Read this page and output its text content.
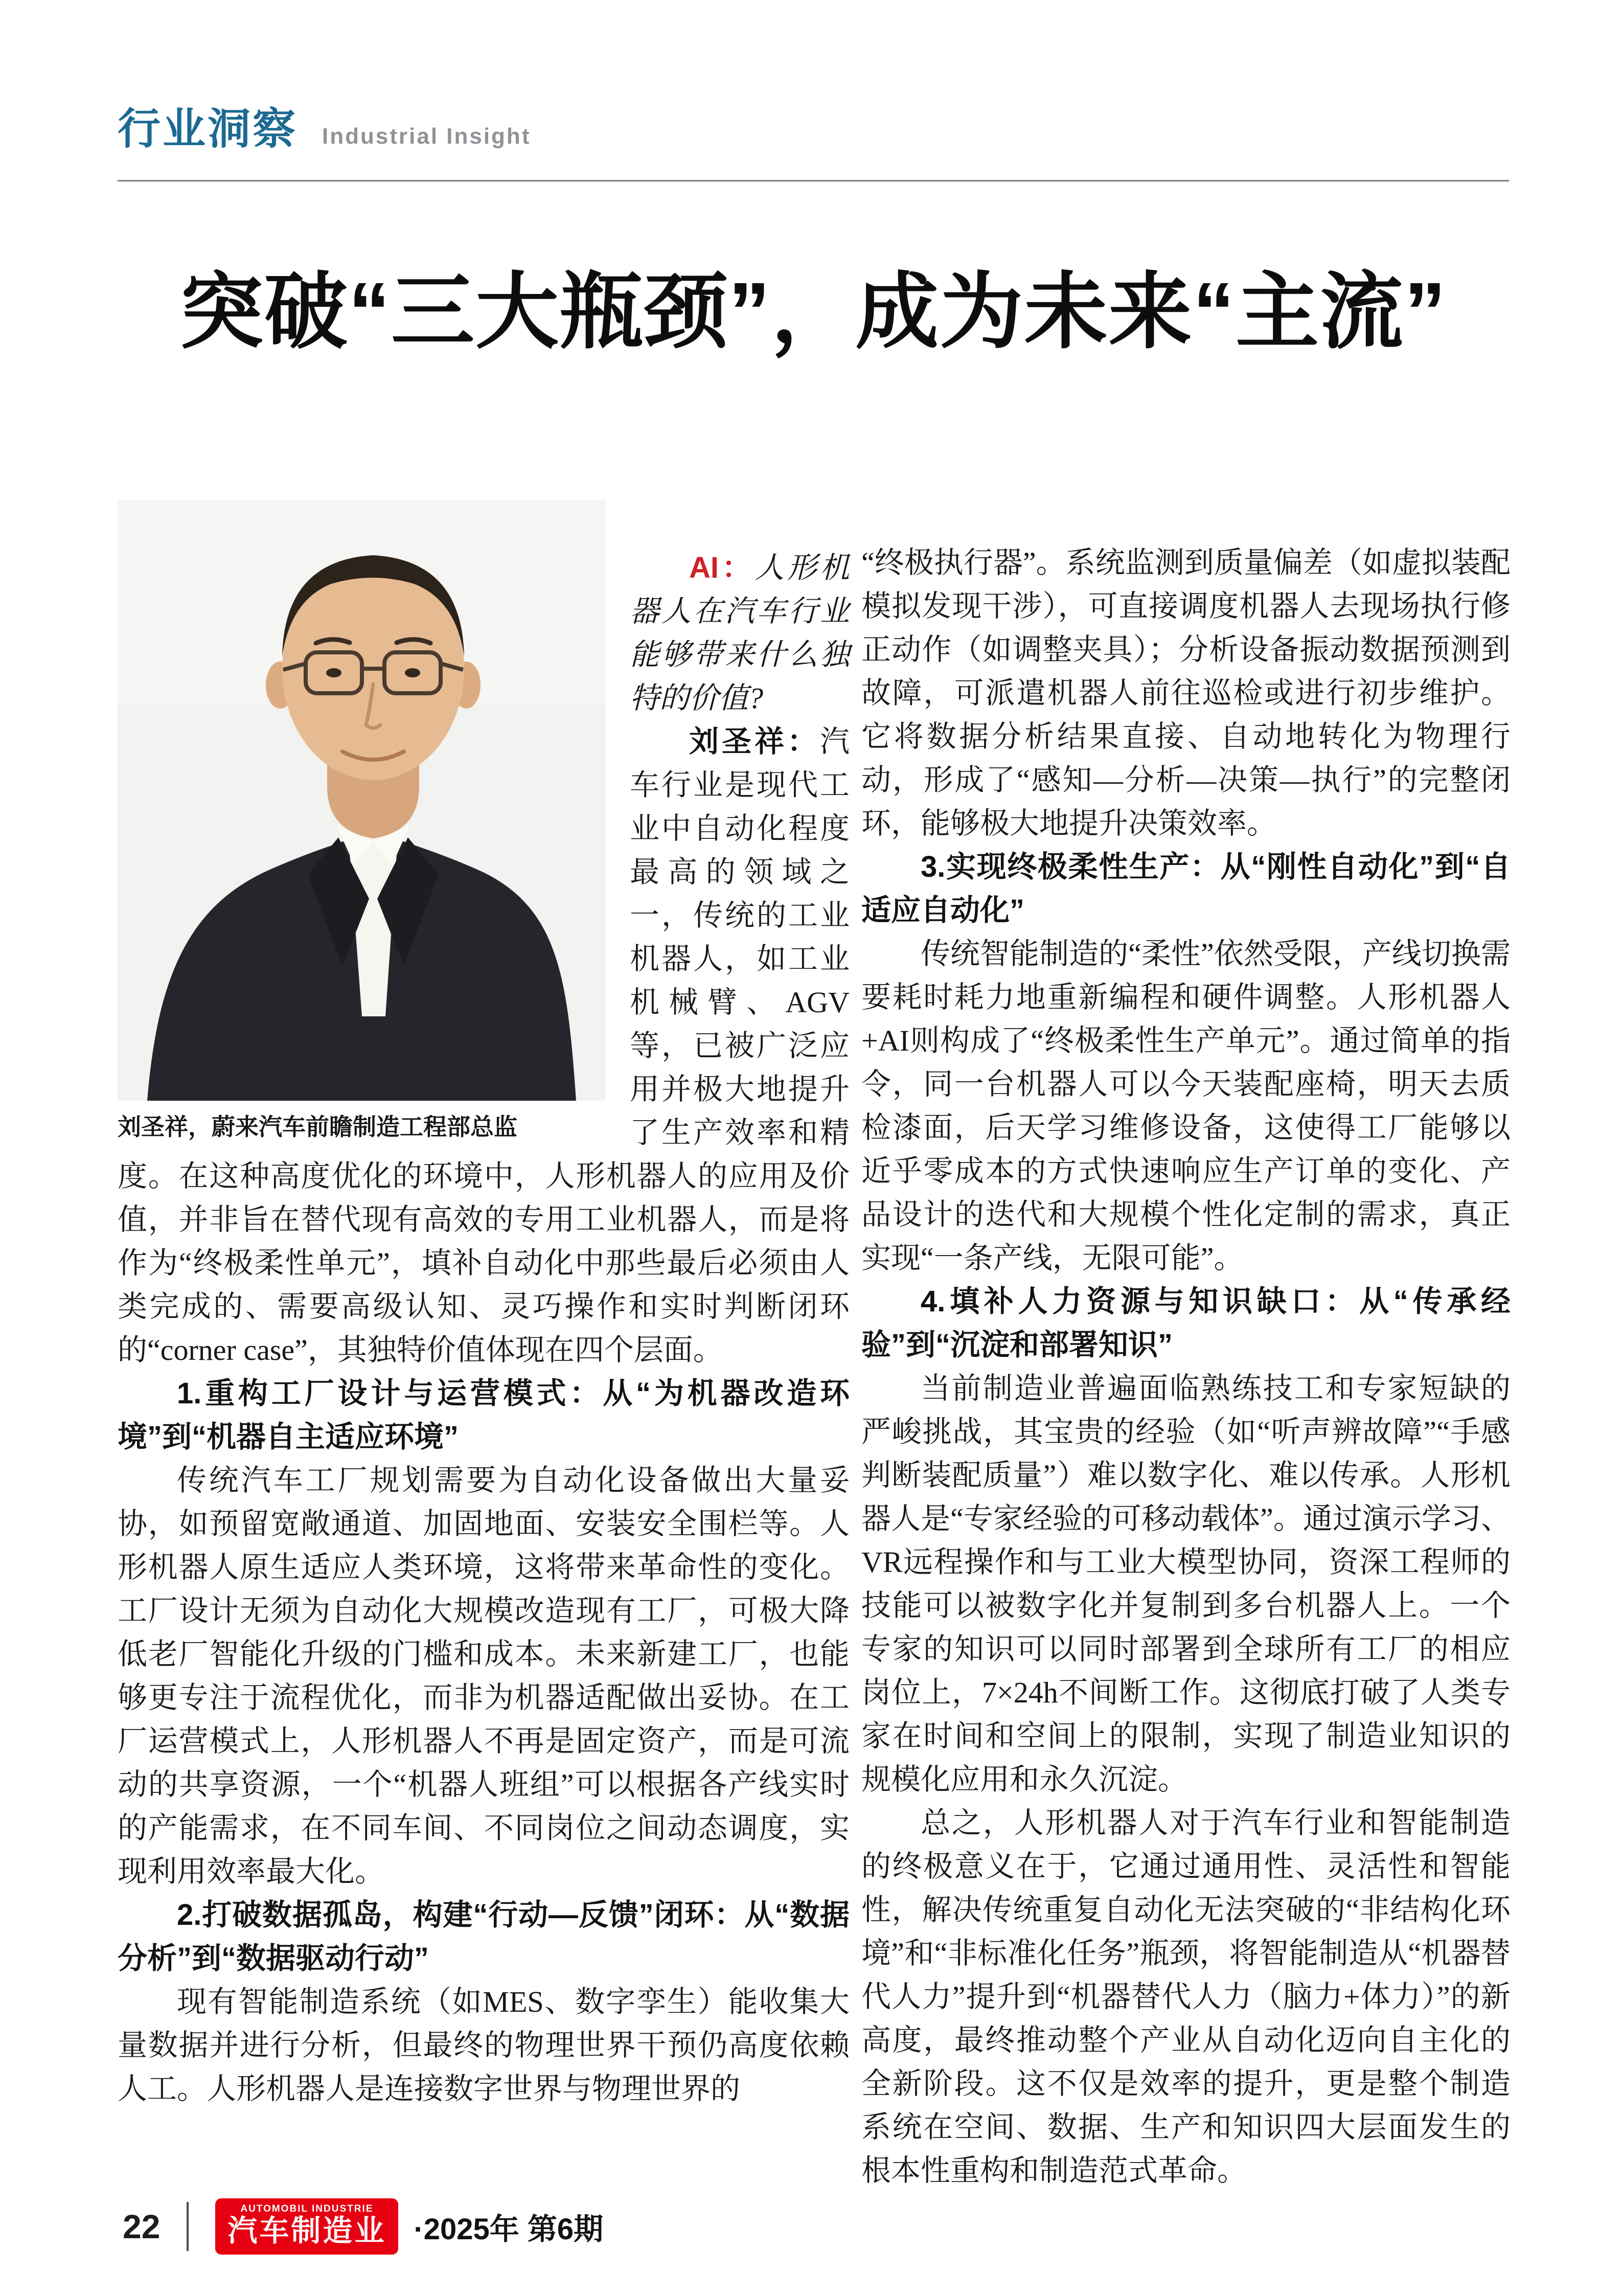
行业洞察 Industrial Insight
突破“三大瓶颈”，成为未来“主流”
刘圣祥，蔚来汽车前瞻制造工程部总监

AI：人形机器人在汽车行业能够带来什么独特的价值?

刘圣祥：汽车行业是现代工业中自动化程度最高的领域之一，传统的工业机器人，如工业机械臂、AGV等，已被广泛应用并极大地提升了生产效率和精度。在这种高度优化的环境中，人形机器人的应用及价值，并非旨在替代现有高效的专用工业机器人，而是将作为“终极柔性单元”，填补自动化中那些最后必须由人类完成的、需要高级认知、灵巧操作和实时判断闭环的“corner case”，其独特价值体现在四个层面。

1.重构工厂设计与运营模式：从“为机器改造环境”到“机器自主适应环境”

传统汽车工厂规划需要为自动化设备做出大量妥协，如预留宽敞通道、加固地面、安装安全围栏等。人形机器人原生适应人类环境，这将带来革命性的变化。工厂设计无须为自动化大规模改造现有工厂，可极大降低老厂智能化升级的门槛和成本。未来新建工厂，也能够更专注于流程优化，而非为机器适配做出妥协。在工厂运营模式上，人形机器人不再是固定资产，而是可流动的共享资源，一个“机器人班组”可以根据各产线实时的产能需求，在不同车间、不同岗位之间动态调度，实现利用效率最大化。

2.打破数据孤岛，构建“行动—反馈”闭环：从“数据分析”到“数据驱动行动”

现有智能制造系统（如MES、数字孪生）能收集大量数据并进行分析，但最终的物理世界干预仍高度依赖人工。人形机器人是连接数字世界与物理世界的

“终极执行器”。系统监测到质量偏差（如虚拟装配模拟发现干涉），可直接调度机器人去现场执行修正动作（如调整夹具）；分析设备振动数据预测到故障，可派遣机器人前往巡检或进行初步维护。它将数据分析结果直接、自动地转化为物理行动，形成了“感知—分析—决策—执行”的完整闭环，能够极大地提升决策效率。

3.实现终极柔性生产：从“刚性自动化”到“自适应自动化”

传统智能制造的“柔性”依然受限，产线切换需要耗时耗力地重新编程和硬件调整。人形机器人+AI则构成了“终极柔性生产单元”。通过简单的指令，同一台机器人可以今天装配座椅，明天去质检漆面，后天学习维修设备，这使得工厂能够以近乎零成本的方式快速响应生产订单的变化、产品设计的迭代和大规模个性化定制的需求，真正实现“一条产线，无限可能”。

4.填补人力资源与知识缺口：从“传承经验”到“沉淀和部署知识”

当前制造业普遍面临熟练技工和专家短缺的严峻挑战，其宝贵的经验（如“听声辨故障”“手感判断装配质量”）难以数字化、难以传承。人形机器人是“专家经验的可移动载体”。通过演示学习、VR远程操作和与工业大模型协同，资深工程师的技能可以被数字化并复制到多台机器人上。一个专家的知识可以同时部署到全球所有工厂的相应岗位上，7×24h不间断工作。这彻底打破了人类专家在时间和空间上的限制，实现了制造业知识的规模化应用和永久沉淀。

总之，人形机器人对于汽车行业和智能制造的终极意义在于，它通过通用性、灵活性和智能性，解决传统重复自动化无法突破的“非结构化环境”和“非标准化任务”瓶颈，将智能制造从“机器替代人力”提升到“机器替代人力（脑力+体力）”的新高度，最终推动整个产业从自动化迈向自主化的全新阶段。这不仅是效率的提升，更是整个制造系统在空间、数据、生产和知识四大层面发生的根本性重构和制造范式革命。

22	AUTOMOBIL INDUSTRIE
汽车制造业 ·2025年 第6期
